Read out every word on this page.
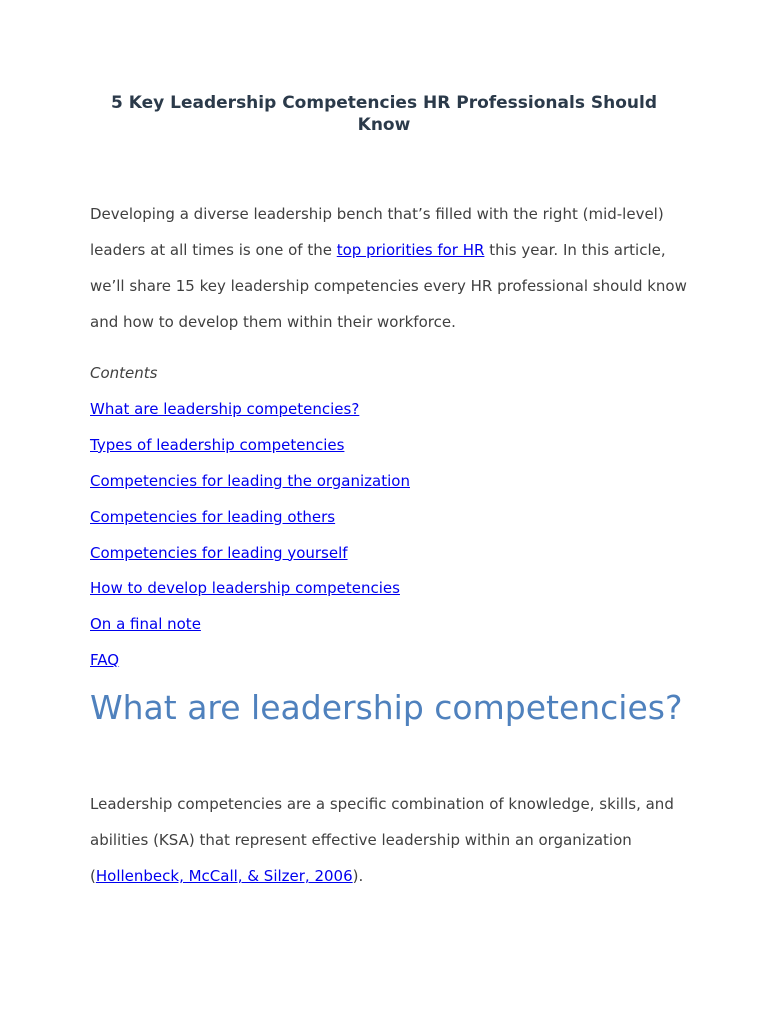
5 Key Leadership Competencies HR Professionals Should Know

Developing a diverse leadership bench that’s filled with the right (mid-level) leaders at all times is one of the top priorities for HR this year. In this article, we’ll share 15 key leadership competencies every HR professional should know and how to develop them within their workforce.

Contents

What are leadership competencies?
Types of leadership competencies
Competencies for leading the organization
Competencies for leading others
Competencies for leading yourself
How to develop leadership competencies
On a final note
FAQ
What are leadership competencies?

Leadership competencies are a specific combination of knowledge, skills, and abilities (KSA) that represent effective leadership within an organization (Hollenbeck, McCall, & Silzer, 2006).
